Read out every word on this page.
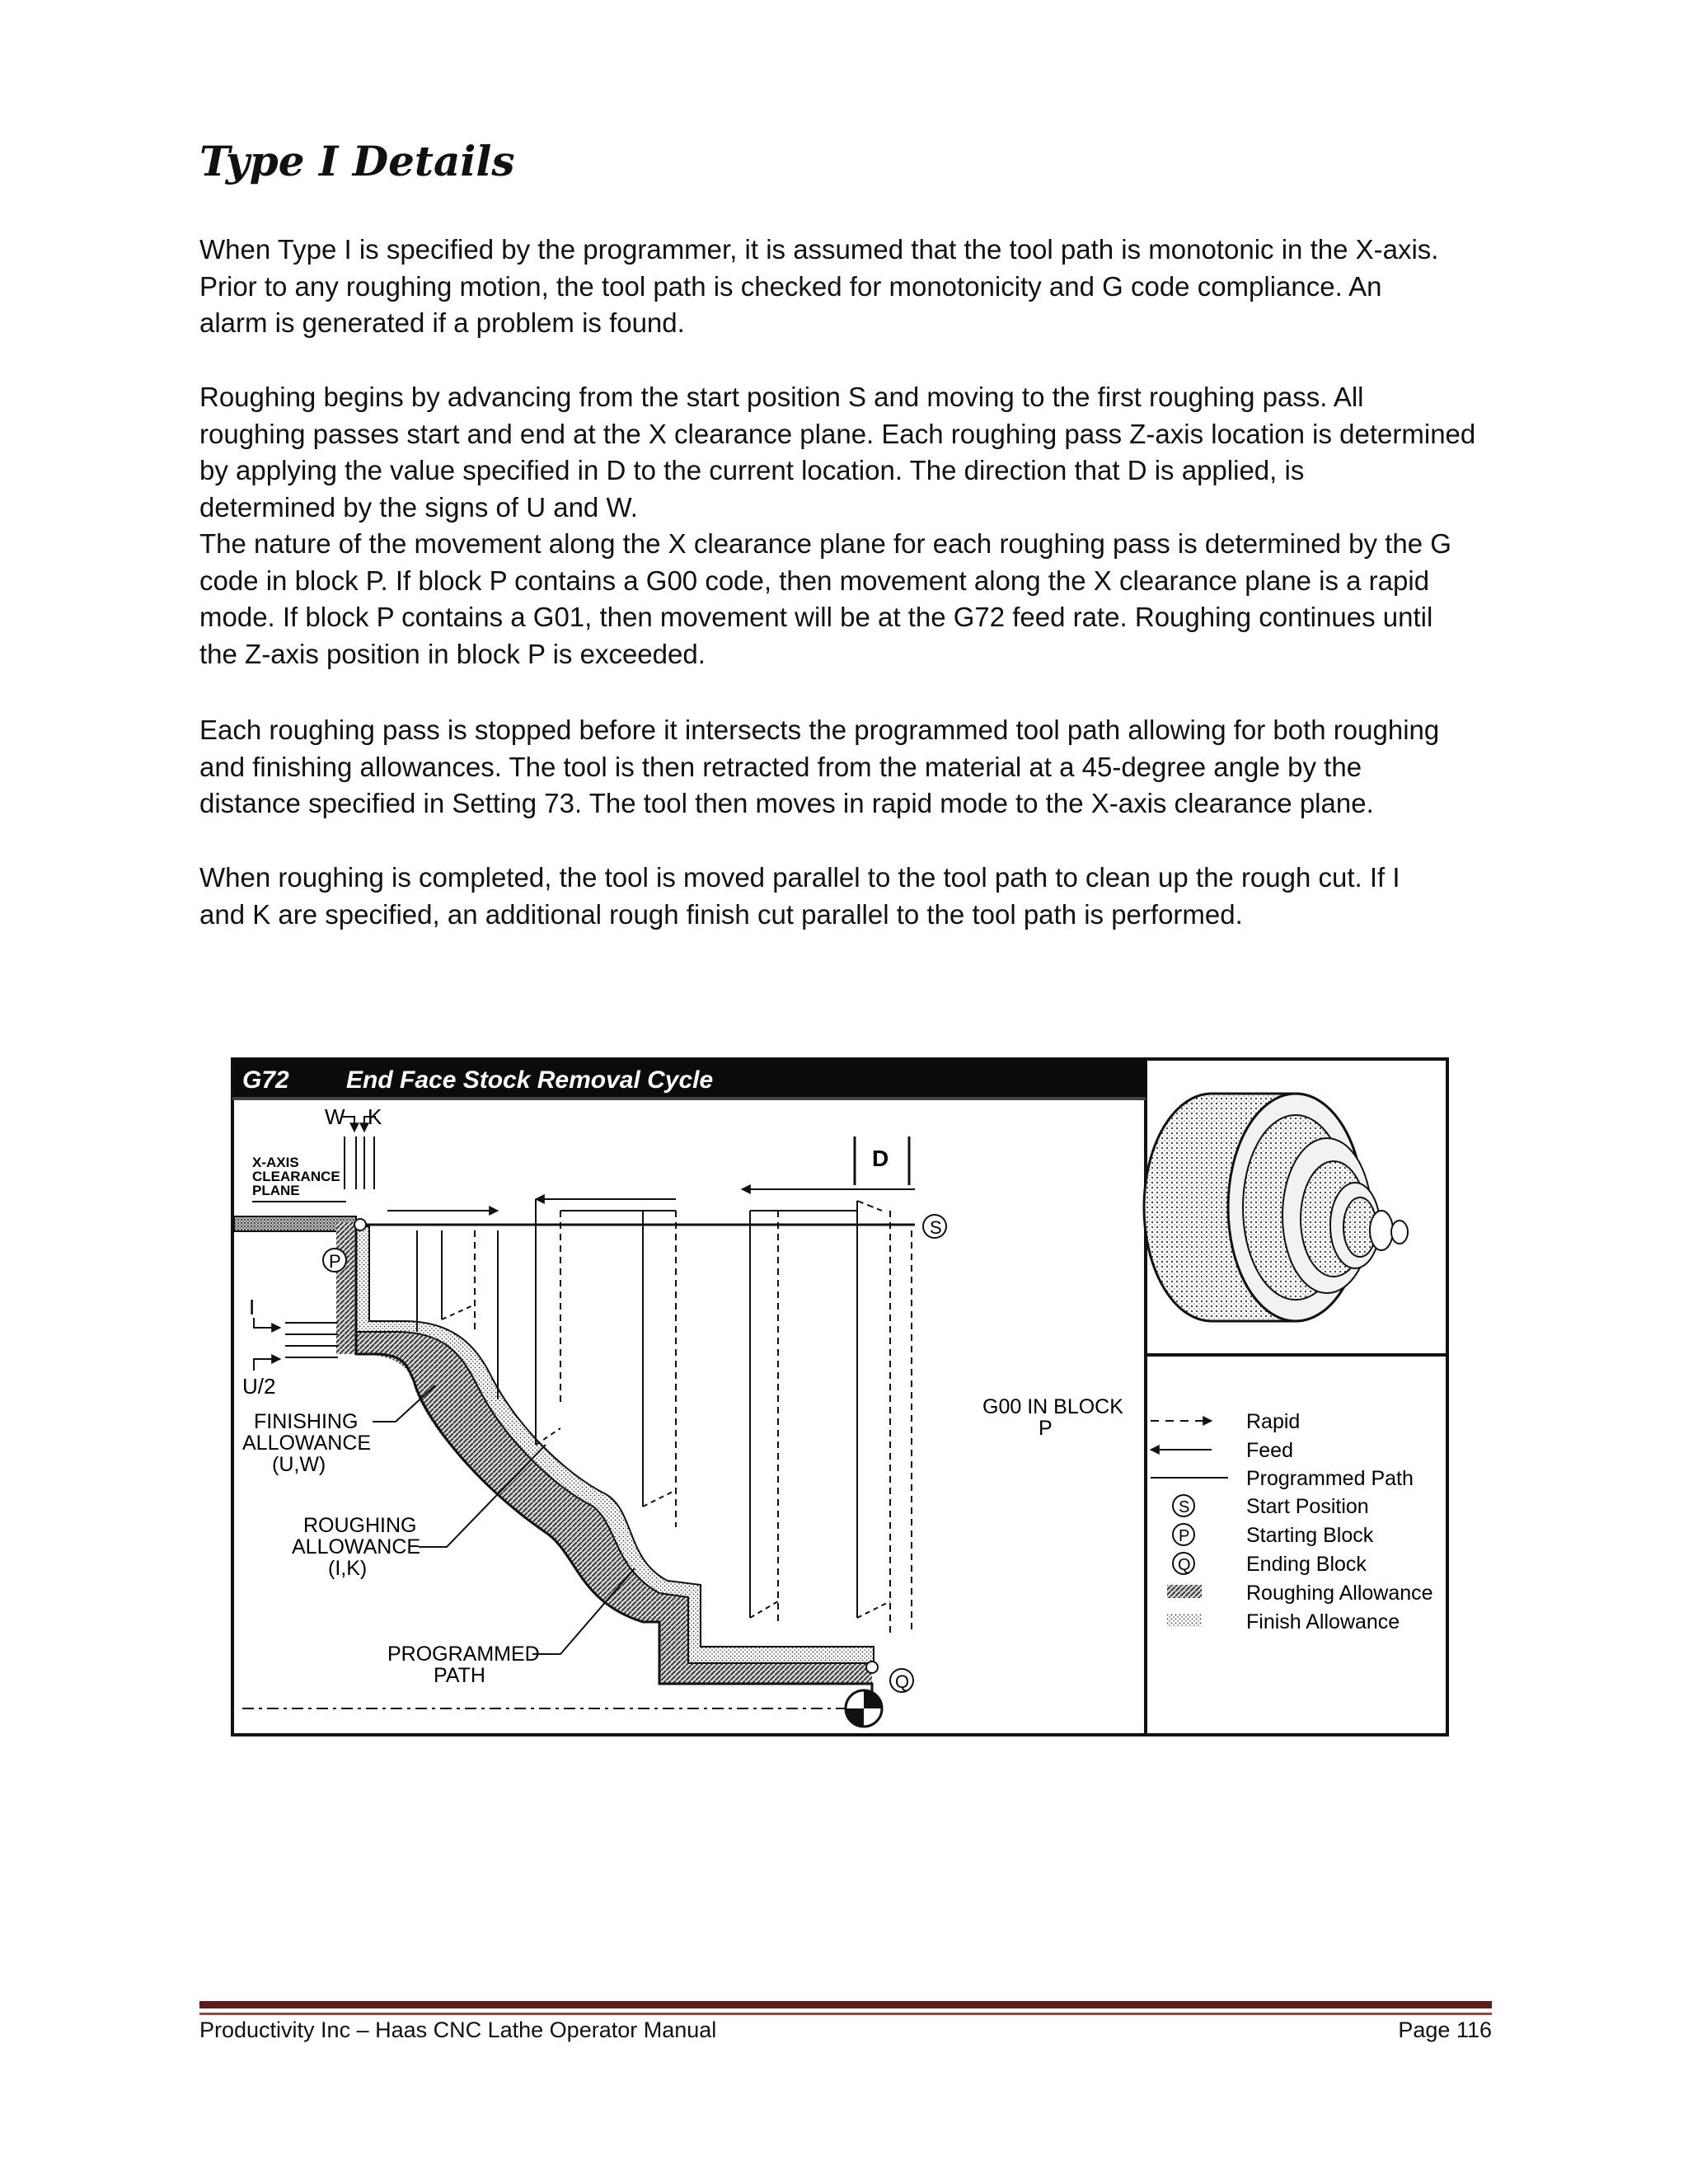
Type I Details

When Type I is specified by the programmer, it is assumed that the tool path is monotonic in the X-axis.

Prior to any roughing motion, the tool path is checked for monotonicity and G code compliance. An

alarm is generated if a problem is found.

Roughing begins by advancing from the start position S and moving to the first roughing pass. All

roughing passes start and end at the X clearance plane. Each roughing pass Z-axis location is determined

by applying the value specified in D to the current location. The direction that D is applied, is

determined by the signs of U and W.

The nature of the movement along the X clearance plane for each roughing pass is determined by the G

code in block P. If block P contains a G00 code, then movement along the X clearance plane is a rapid

mode. If block P contains a G01, then movement will be at the G72 feed rate. Roughing continues until

the Z-axis position in block P is exceeded.

Each roughing pass is stopped before it intersects the programmed tool path allowing for both roughing

and finishing allowances. The tool is then retracted from the material at a 45-degree angle by the

distance specified in Setting 73. The tool then moves in rapid mode to the X-axis clearance plane.

When roughing is completed, the tool is moved parallel to the tool path to clean up the rough cut. If I

and K are specified, an additional rough finish cut parallel to the tool path is performed.

G72 End Face Stock Removal Cycle
W K
X-AXIS
CLEARANCE
PLANE
D
I
U/2
FINISHING
ALLOWANCE
(U,W)
ROUGHING
ALLOWANCE
(I,K)
PROGRAMMED
PATH
G00 IN BLOCK
P
S
P
Q
Rapid
Feed
Programmed Path
S	Start Position
P	Starting Block
Q	Ending Block
Roughing Allowance
Finish Allowance
Productivity Inc – Haas CNC Lathe Operator Manual	Page 116
